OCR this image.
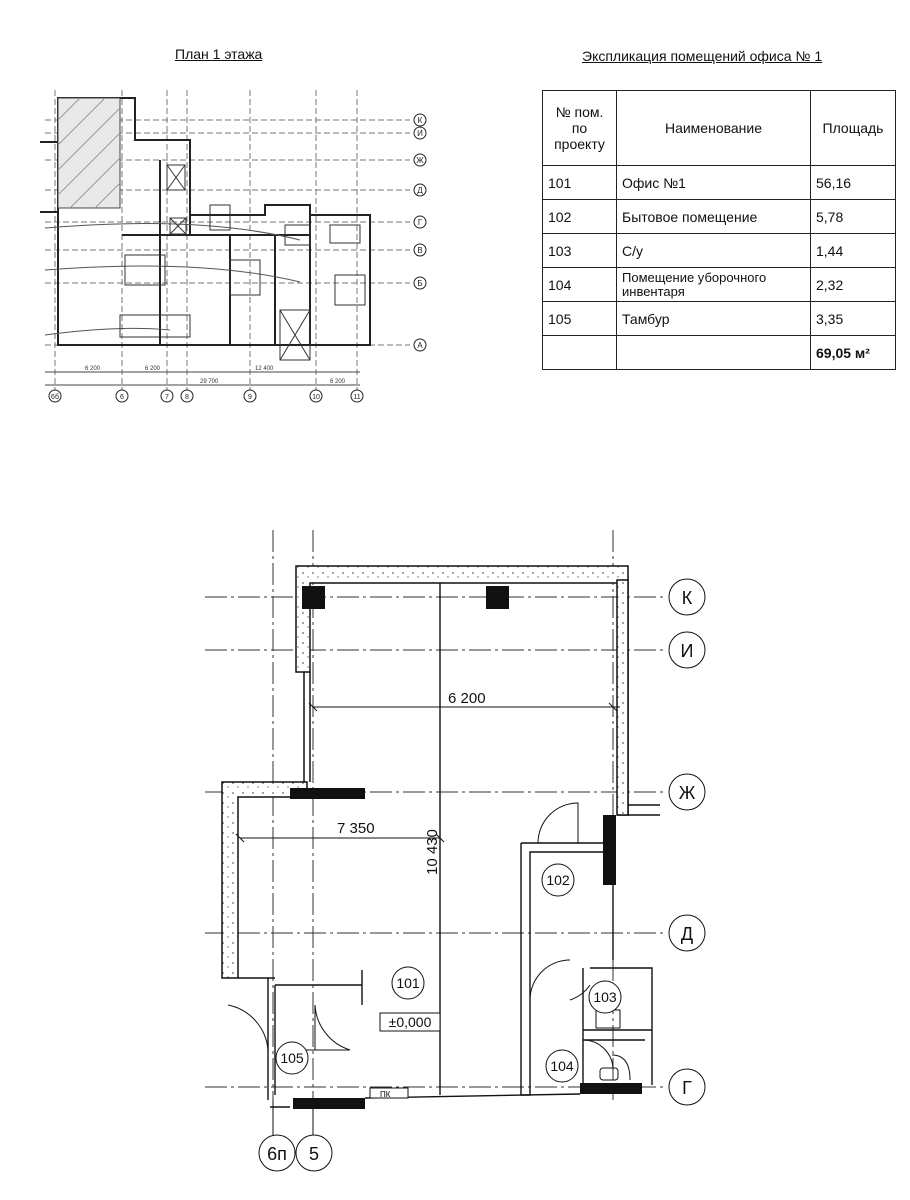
План 1 этажа	Экспликация помещений офиса № 1
№ пом. по проекту	Наименование	Площадь
101	Офис №1	56,16
102	Бытовое помещение	5,78
103	С/у	1,44
104	Помещение уборочного инвентаря	2,32
105	Тамбур	3,35
		69,05 м²
К
И
Ж
Д
Г
В
Б
А
6б	6	7 8	9	10	11
6 200	6 200
29 700
12 400
6 200
ПК
6 200
7 350
10 430
101
±0,000
102
103
104
105
К
И
Ж
Д
Г
6п 5
